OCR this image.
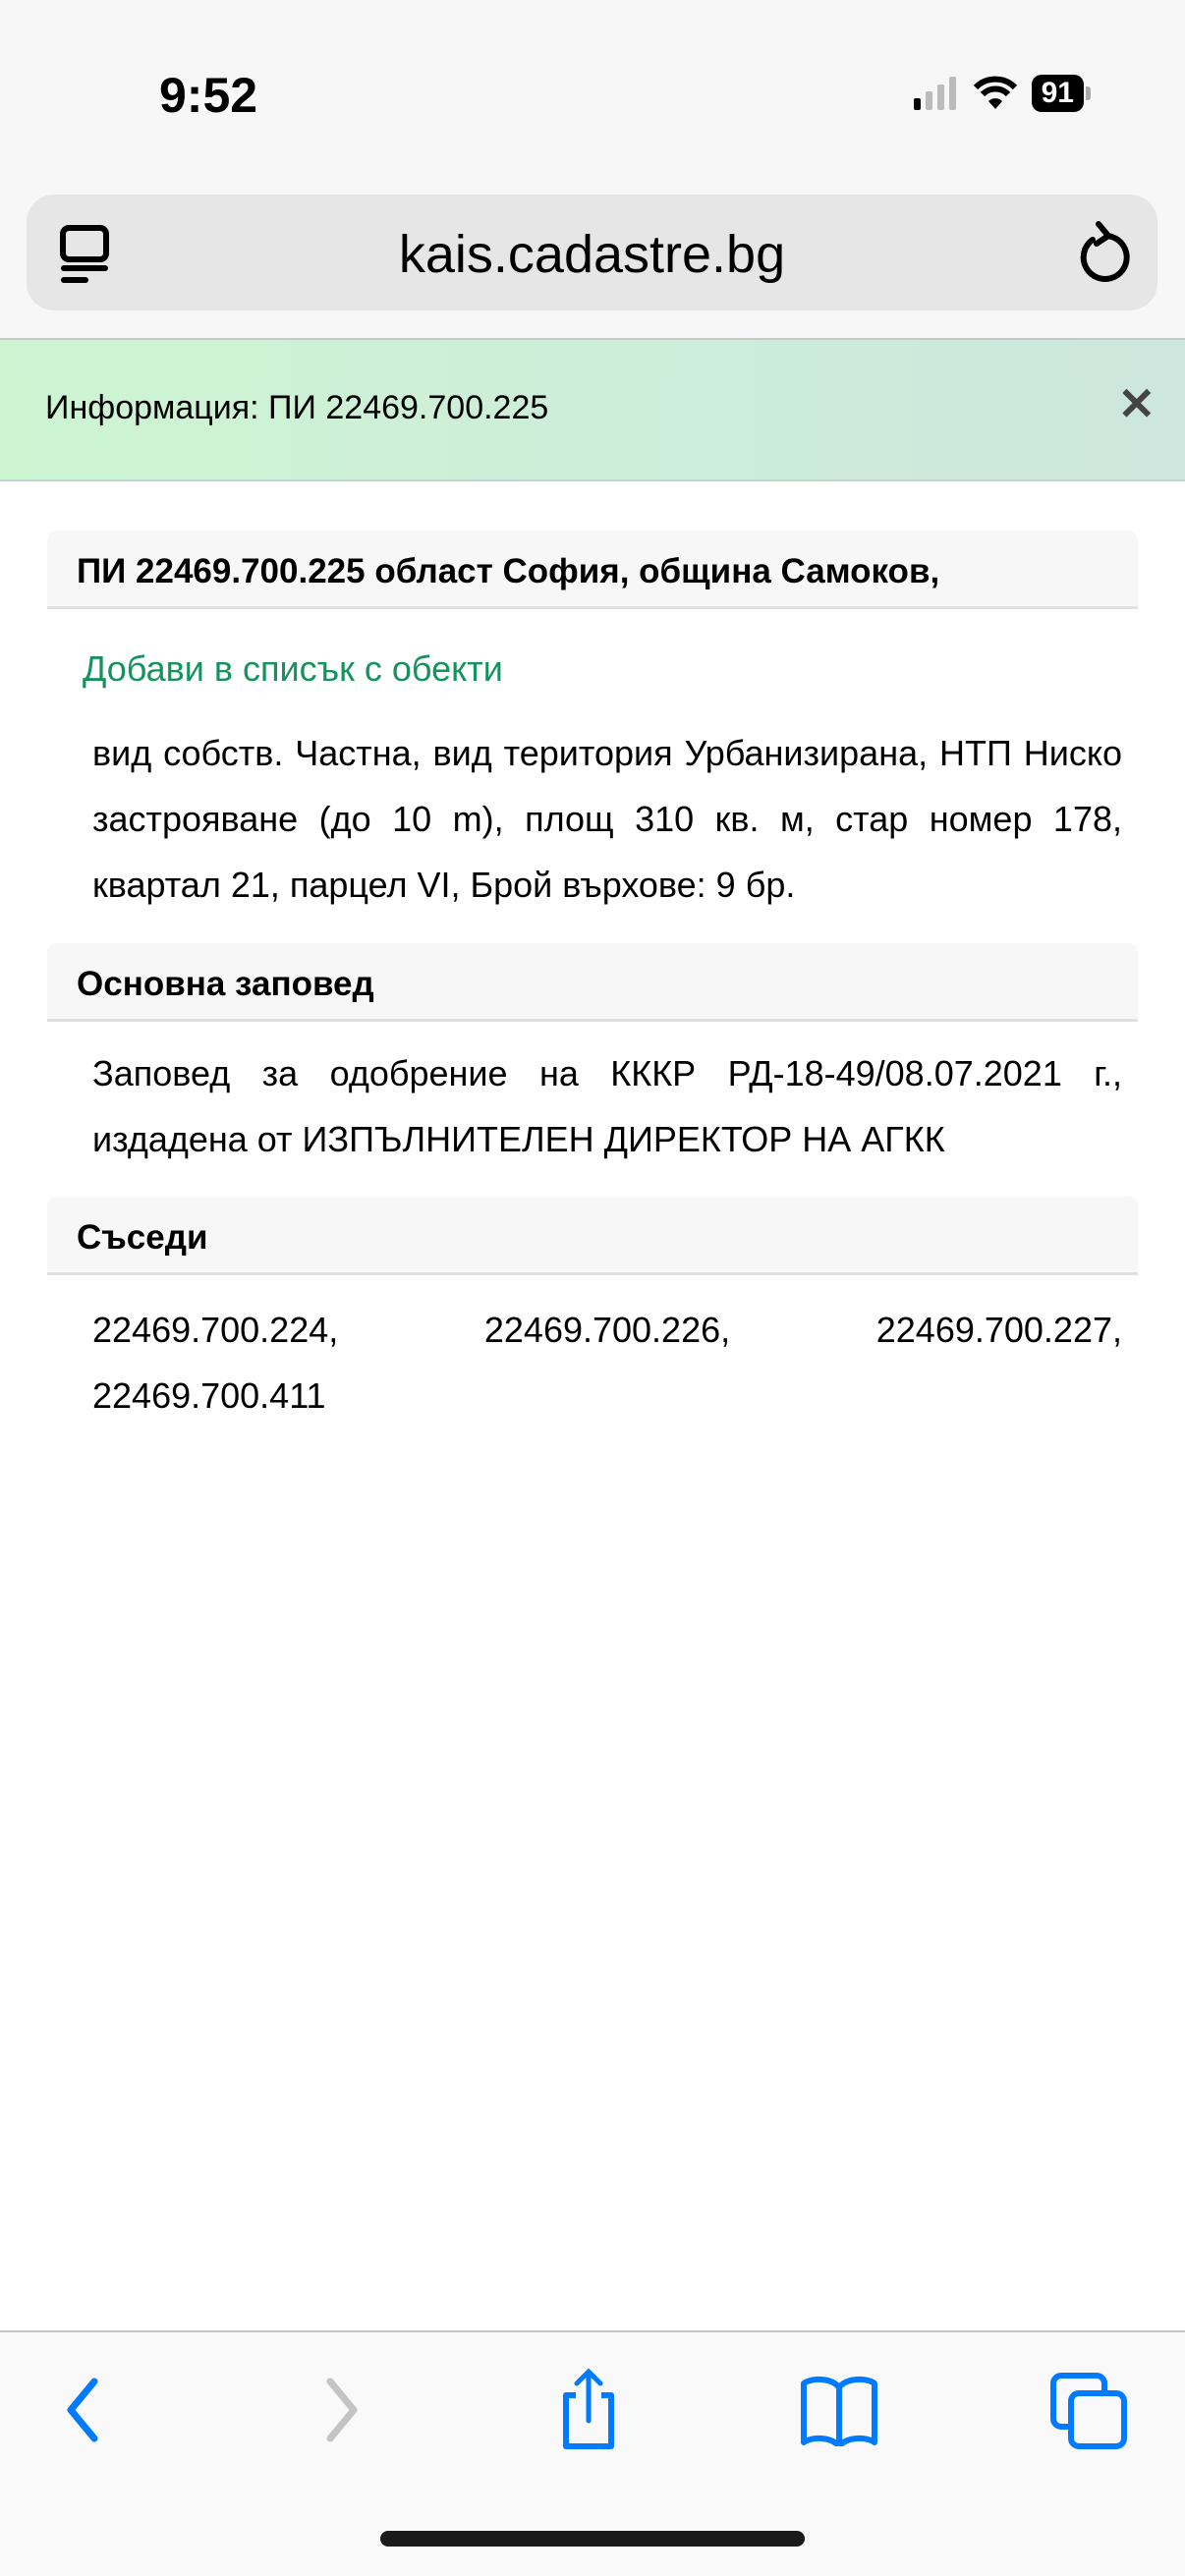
9:52	91
kais.cadastre.bg
Информация: ПИ 22469.700.225	✕
ПИ 22469.700.225 област София, община Самоков,
Добави в списък с обекти
вид собств. Частна, вид територия Урбанизирана, НТП Ниско застрояване (до 10 m), площ 310 кв. м, стар номер 178, квартал 21, парцел VI, Брой върхове: 9 бр.
Основна заповед
Заповед за одобрение на КККР РД-18-49/08.07.2021 г., издадена от ИЗПЪЛНИТЕЛЕН ДИРЕКТОР НА АГКК
Съседи
22469.700.224,	22469.700.226,	22469.700.227,
22469.700.411
